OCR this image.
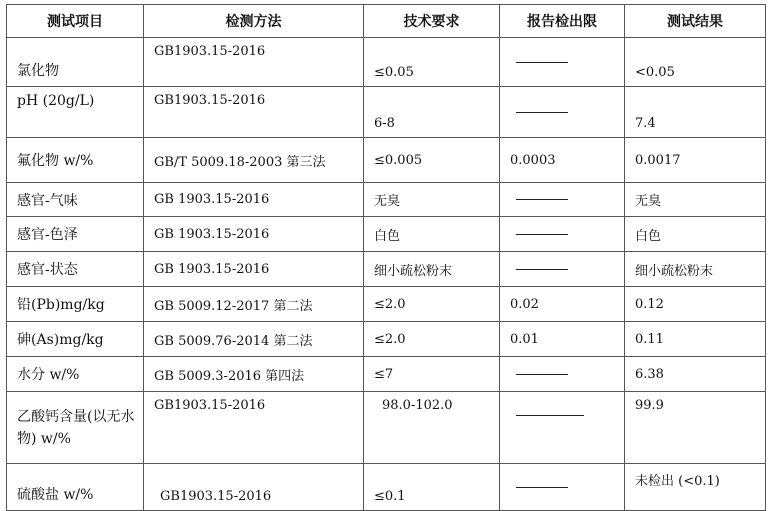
测试项目	检测方法	技术要求	报告检出限	测试结果
氯化物	GB1903.15-2016	≤0.05		<0.05
pH (20g/L)	GB1903.15-2016	6-8		7.4
氟化物 w/%	GB/T 5009.18-2003 第三法	≤0.005	0.0003	0.0017
感官-气味	GB 1903.15-2016	无臭		无臭
感官-色泽	GB 1903.15-2016	白色		白色
感官-状态	GB 1903.15-2016	细小疏松粉末		细小疏松粉末
铅(Pb)mg/kg	GB 5009.12-2017 第二法	≤2.0	0.02	0.12
砷(As)mg/kg	GB 5009.76-2014 第二法	≤2.0	0.01	0.11
水分 w/%	GB 5009.3-2016 第四法	≤7		6.38
乙酸钙含量(以无水物) w/%	GB1903.15-2016	98.0-102.0		99.9
硫酸盐 w/%	GB1903.15-2016	≤0.1		未检出 (<0.1)
